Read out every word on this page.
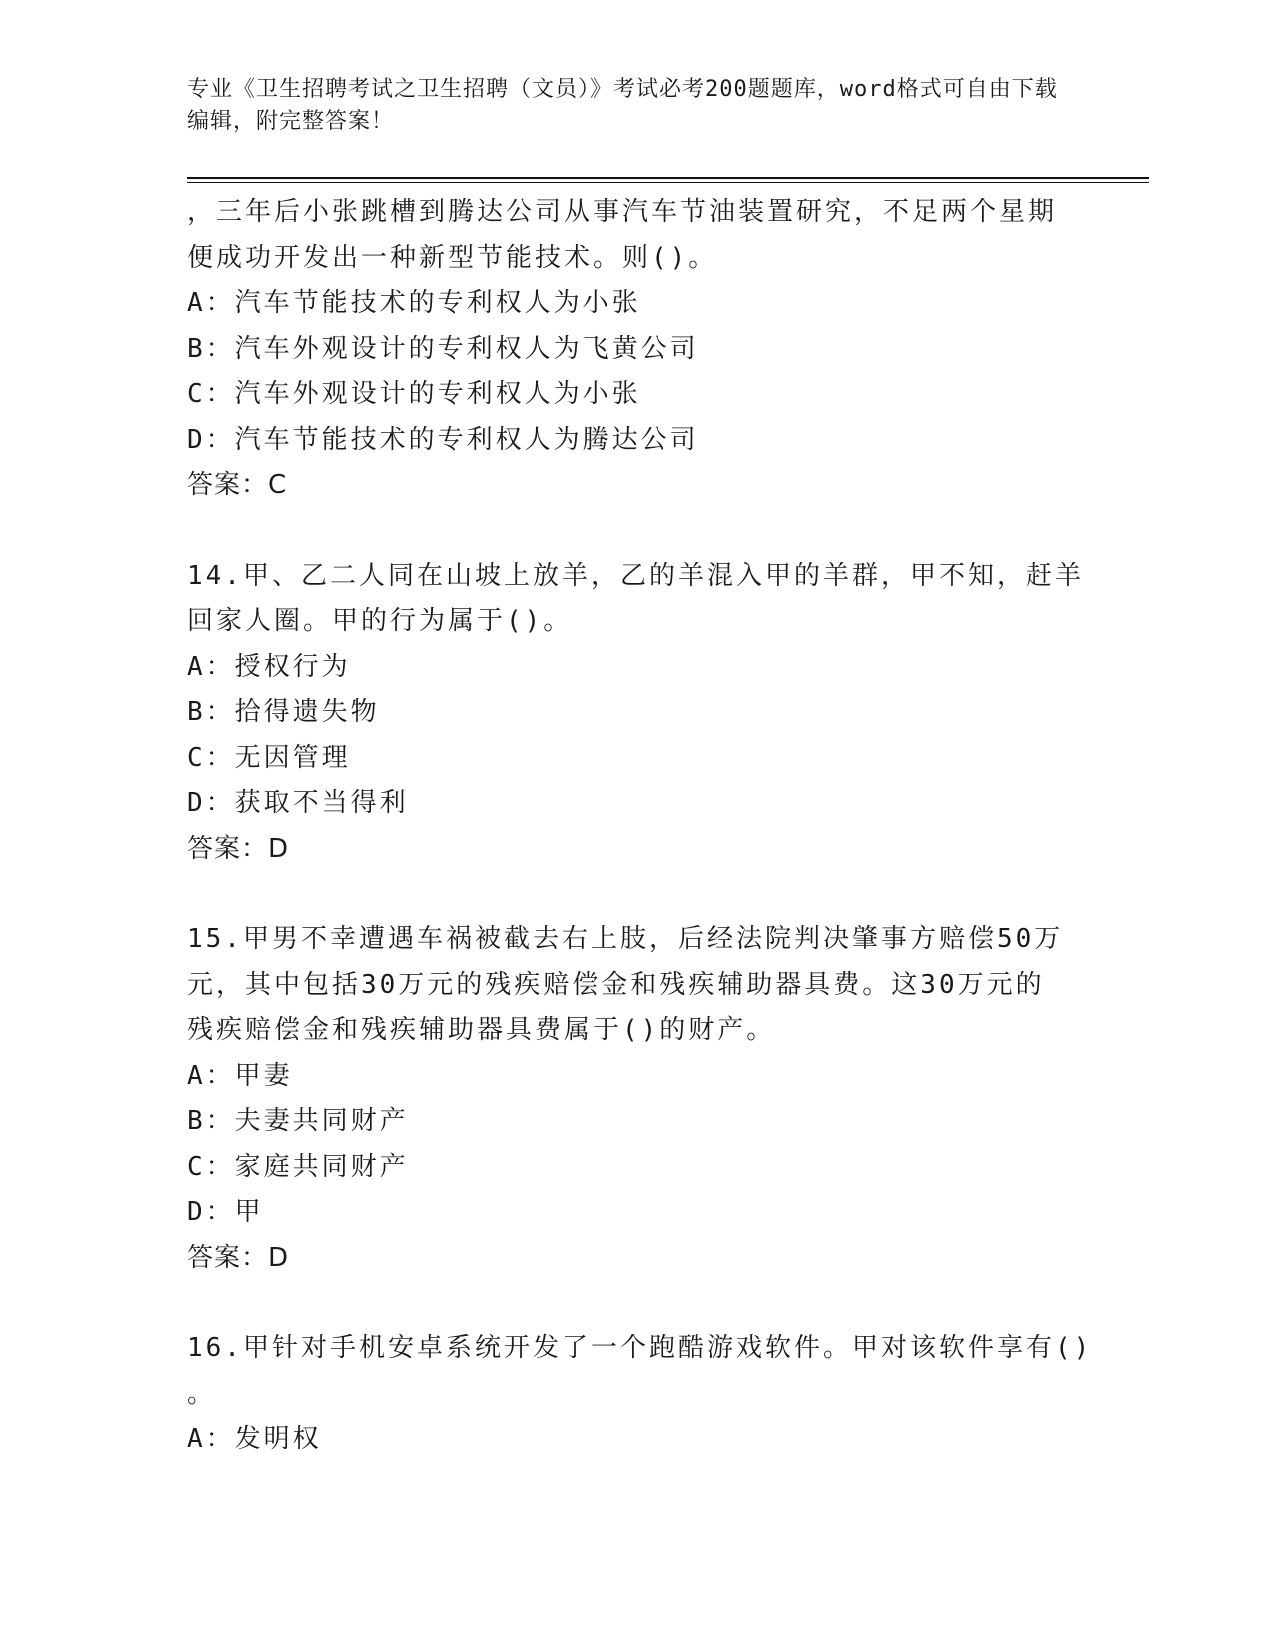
专业《卫生招聘考试之卫生招聘（文员）》考试必考200题题库，word格式可自由下载编辑，附完整答案！
，三年后小张跳槽到腾达公司从事汽车节油装置研究，不足两个星期
便成功开发出一种新型节能技术。则()。
A：汽车节能技术的专利权人为小张
B：汽车外观设计的专利权人为飞黄公司
C：汽车外观设计的专利权人为小张
D：汽车节能技术的专利权人为腾达公司
答案：C
14.甲、乙二人同在山坡上放羊，乙的羊混入甲的羊群，甲不知，赶羊
回家人圈。甲的行为属于()。
A：授权行为
B：拾得遗失物
C：无因管理
D：获取不当得利
答案：D
15.甲男不幸遭遇车祸被截去右上肢，后经法院判决肇事方赔偿50万
元，其中包括30万元的残疾赔偿金和残疾辅助器具费。这30万元的
残疾赔偿金和残疾辅助器具费属于()的财产。
A：甲妻
B：夫妻共同财产
C：家庭共同财产
D：甲
答案：D
16.甲针对手机安卓系统开发了一个跑酷游戏软件。甲对该软件享有()
。
A：发明权
